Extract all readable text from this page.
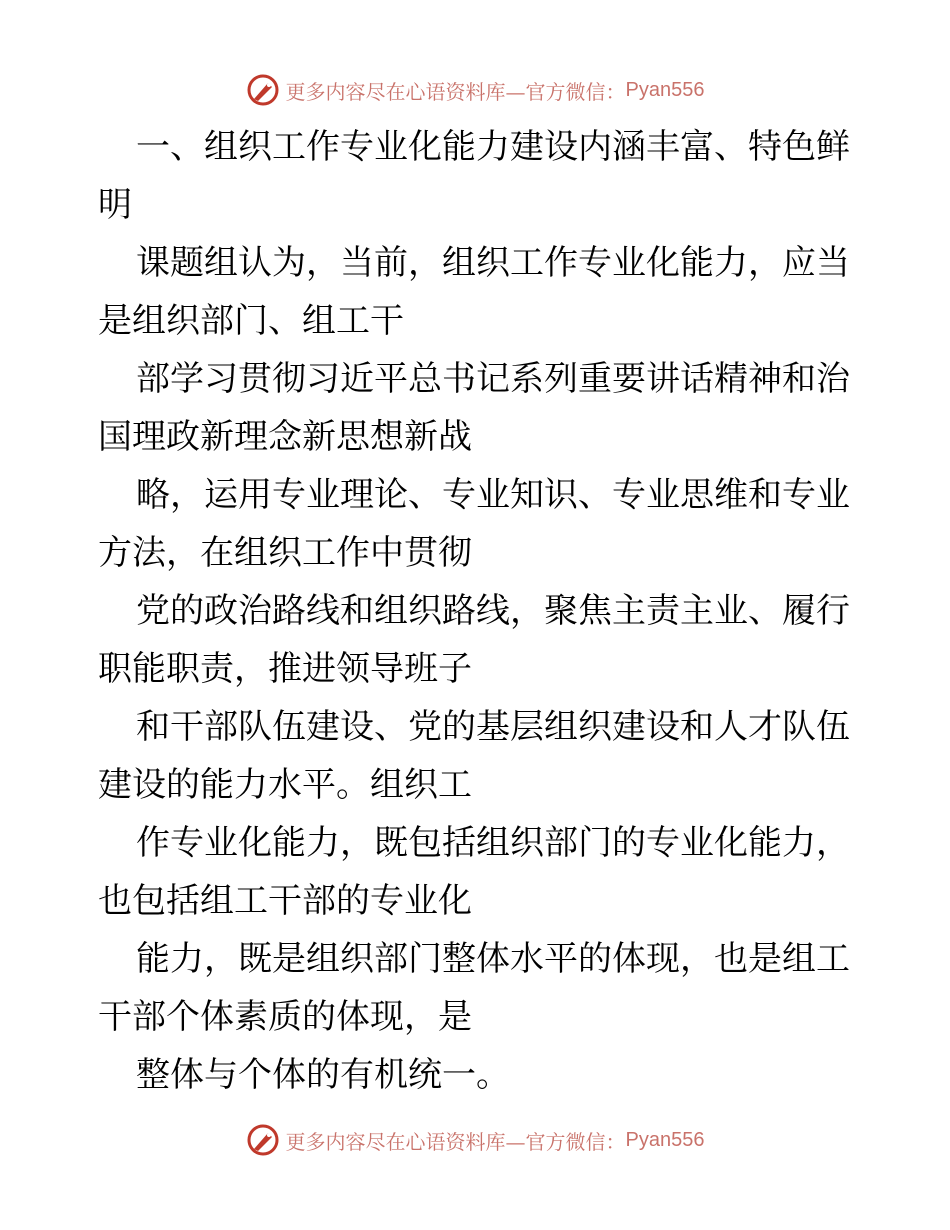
更多内容尽在心语资料库—官方微信： Pyan556
一、组织工作专业化能力建设内涵丰富、特色鲜
明
课题组认为，当前，组织工作专业化能力，应当
是组织部门、组工干
部学习贯彻习近平总书记系列重要讲话精神和治
国理政新理念新思想新战
略，运用专业理论、专业知识、专业思维和专业
方法，在组织工作中贯彻
党的政治路线和组织路线，聚焦主责主业、履行
职能职责，推进领导班子
和干部队伍建设、党的基层组织建设和人才队伍
建设的能力水平。组织工
作专业化能力，既包括组织部门的专业化能力，
也包括组工干部的专业化
能力，既是组织部门整体水平的体现，也是组工
干部个体素质的体现，是
整体与个体的有机统一。
更多内容尽在心语资料库—官方微信： Pyan556
